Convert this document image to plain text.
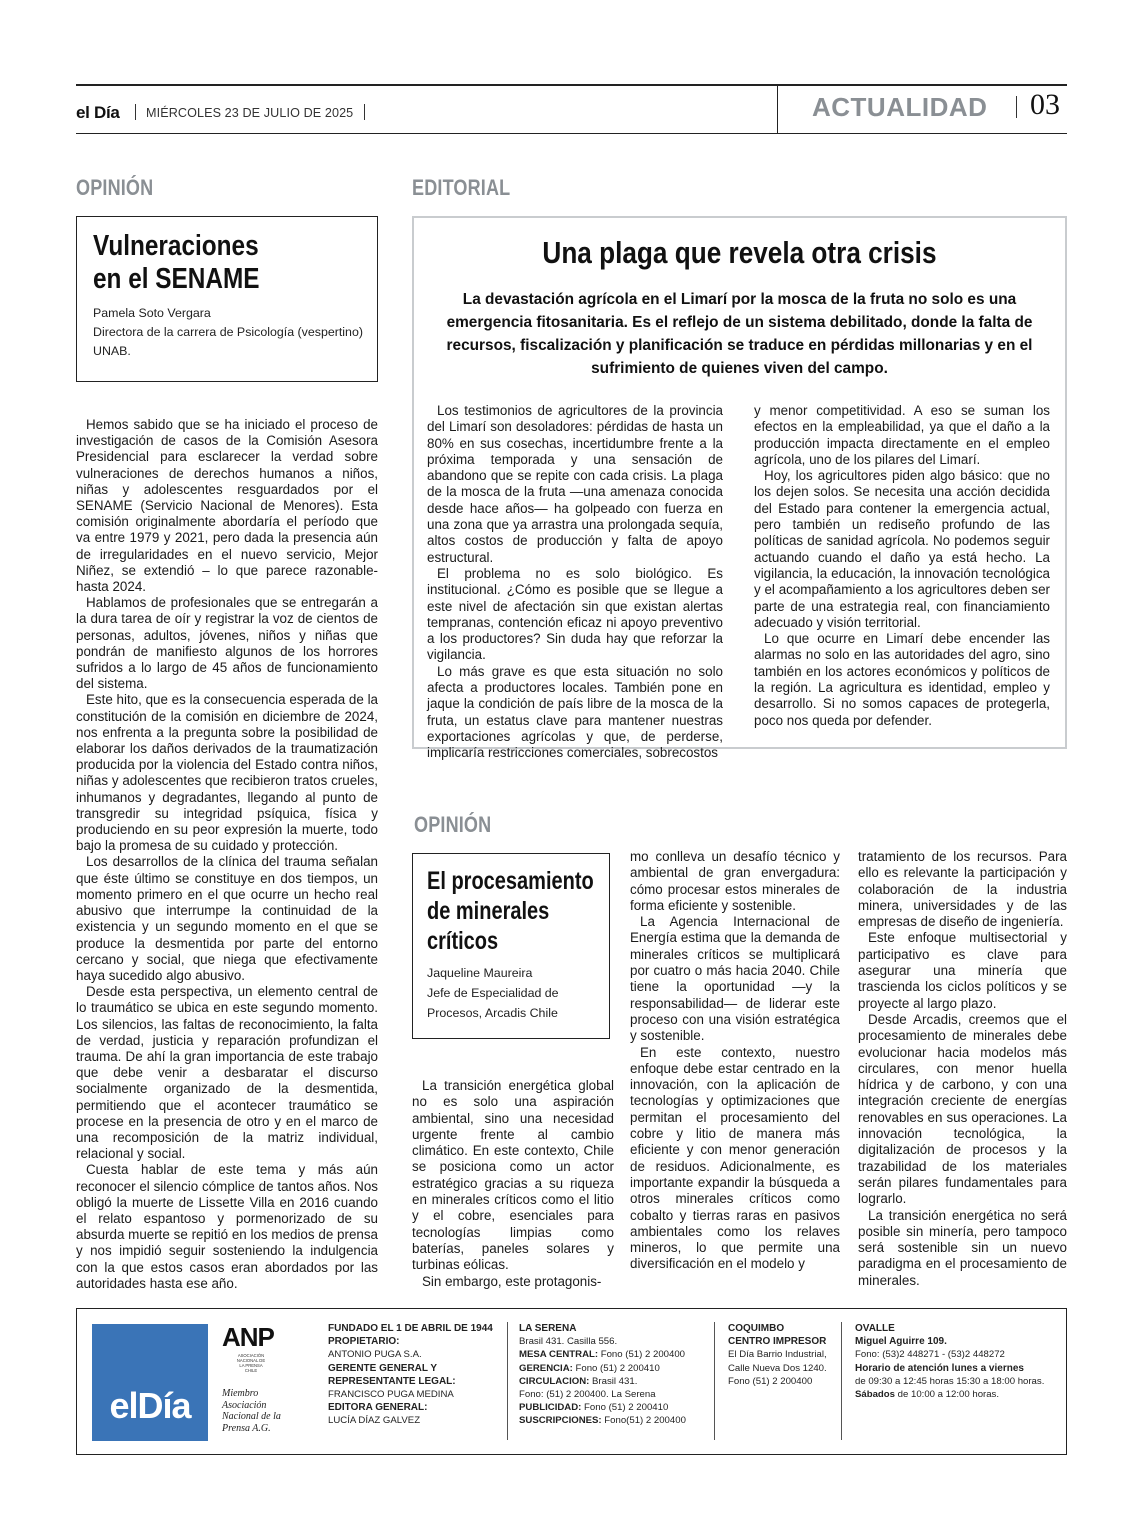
el Día MIÉRCOLES 23 DE JULIO DE 2025	ACTUALIDAD 03
OPINIÓN
Vulneraciones
en el SENAME
Pamela Soto Vergara
Directora de la carrera de Psicología (vespertino) UNAB.

Hemos sabido que se ha iniciado el proceso de investigación de casos de la Comisión Asesora Presidencial para esclarecer la verdad sobre vulneraciones de derechos humanos a niños, niñas y adolescentes resguardados por el SENAME (Servicio Nacional de Menores). Esta comisión originalmente abordaría el período que va entre 1979 y 2021, pero dada la presencia aún de irregularidades en el nuevo servicio, Mejor Niñez, se extendió – lo que parece razonable- hasta 2024.

Hablamos de profesionales que se entregarán a la dura tarea de oír y registrar la voz de cientos de personas, adultos, jóvenes, niños y niñas que pondrán de manifiesto algunos de los horrores sufridos a lo largo de 45 años de funcionamiento del sistema.

Este hito, que es la consecuencia esperada de la constitución de la comisión en diciembre de 2024, nos enfrenta a la pregunta sobre la posibilidad de elaborar los daños derivados de la traumatización producida por la violencia del Estado contra niños, niñas y adolescentes que recibieron tratos crueles, inhumanos y degradantes, llegando al punto de transgredir su integridad psíquica, física y produciendo en su peor expresión la muerte, todo bajo la promesa de su cuidado y protección.

Los desarrollos de la clínica del trauma señalan que éste último se constituye en dos tiempos, un momento primero en el que ocurre un hecho real abusivo que interrumpe la continuidad de la existencia y un segundo momento en el que se produce la desmentida por parte del entorno cercano y social, que niega que efectivamente haya sucedido algo abusivo.

Desde esta perspectiva, un elemento central de lo traumático se ubica en este segundo momento. Los silencios, las faltas de reconocimiento, la falta de verdad, justicia y reparación profundizan el trauma. De ahí la gran importancia de este trabajo que debe venir a desbaratar el discurso socialmente organizado de la desmentida, permitiendo que el acontecer traumático se procese en la presencia de otro y en el marco de una recomposición de la matriz individual, relacional y social.

Cuesta hablar de este tema y más aún reconocer el silencio cómplice de tantos años. Nos obligó la muerte de Lissette Villa en 2016 cuando el relato espantoso y pormenorizado de su absurda muerte se repitió en los medios de prensa y nos impidió seguir sosteniendo la indulgencia con la que estos casos eran abordados por las autoridades hasta ese año.

EDITORIAL
Una plaga que revela otra crisis
La devastación agrícola en el Limarí por la mosca de la fruta no solo es una emergencia fitosanitaria. Es el reflejo de un sistema debilitado, donde la falta de recursos, fiscalización y planificación se traduce en pérdidas millonarias y en el sufrimiento de quienes viven del campo.

Los testimonios de agricultores de la provincia del Limarí son desoladores: pérdidas de hasta un 80% en sus cosechas, incertidumbre frente a la próxima temporada y una sensación de abandono que se repite con cada crisis. La plaga de la mosca de la fruta —una amenaza conocida desde hace años— ha golpeado con fuerza en una zona que ya arrastra una prolongada sequía, altos costos de producción y falta de apoyo estructural.

El problema no es solo biológico. Es institucional. ¿Cómo es posible que se llegue a este nivel de afectación sin que existan alertas tempranas, contención eficaz ni apoyo preventivo a los productores? Sin duda hay que reforzar la vigilancia.

Lo más grave es que esta situación no solo afecta a productores locales. También pone en jaque la condición de país libre de la mosca de la fruta, un estatus clave para mantener nuestras exportaciones agrícolas y que, de perderse, implicaría restricciones comerciales, sobrecostos

y menor competitividad. A eso se suman los efectos en la empleabilidad, ya que el daño a la producción impacta directamente en el empleo agrícola, uno de los pilares del Limarí.

Hoy, los agricultores piden algo básico: que no los dejen solos. Se necesita una acción decidida del Estado para contener la emergencia actual, pero también un rediseño profundo de las políticas de sanidad agrícola. No podemos seguir actuando cuando el daño ya está hecho. La vigilancia, la educación, la innovación tecnológica y el acompañamiento a los agricultores deben ser parte de una estrategia real, con financiamiento adecuado y visión territorial.

Lo que ocurre en Limarí debe encender las alarmas no solo en las autoridades del agro, sino también en los actores económicos y políticos de la región. La agricultura es identidad, empleo y desarrollo. Si no somos capaces de protegerla, poco nos queda por defender.

OPINIÓN
El procesamiento
de minerales
críticos
Jaqueline Maureira
Jefe de Especialidad de
Procesos, Arcadis Chile

La transición energética global no es solo una aspiración ambiental, sino una necesidad urgente frente al cambio climático. En este contexto, Chile se posiciona como un actor estratégico gracias a su riqueza en minerales críticos como el litio y el cobre, esenciales para tecnologías limpias como baterías, paneles solares y turbinas eólicas.

Sin embargo, este protagonis-

mo conlleva un desafío técnico y ambiental de gran envergadura: cómo procesar estos minerales de forma eficiente y sostenible.

La Agencia Internacional de Energía estima que la demanda de minerales críticos se multiplicará por cuatro o más hacia 2040. Chile tiene la oportunidad —y la responsabilidad— de liderar este proceso con una visión estratégica y sostenible.

En este contexto, nuestro enfoque debe estar centrado en la innovación, con la aplicación de tecnologías y optimizaciones que permitan el procesamiento del cobre y litio de manera más eficiente y con menor generación de residuos. Adicionalmente, es importante expandir la búsqueda a otros minerales críticos como cobalto y tierras raras en pasivos ambientales como los relaves mineros, lo que permite una diversificación en el modelo y

tratamiento de los recursos. Para ello es relevante la participación y colaboración de la industria minera, universidades y de las empresas de diseño de ingeniería.

Este enfoque multisectorial y participativo es clave para asegurar una minería que trascienda los ciclos políticos y se proyecte al largo plazo.

Desde Arcadis, creemos que el procesamiento de minerales debe evolucionar hacia modelos más circulares, con menor huella hídrica y de carbono, y con una integración creciente de energías renovables en sus operaciones. La innovación tecnológica, la digitalización de procesos y la trazabilidad de los materiales serán pilares fundamentales para lograrlo.

La transición energética no será posible sin minería, pero tampoco será sostenible sin un nuevo paradigma en el procesamiento de minerales.

elDía
ANP
ASOCIACIÓN NACIONAL DE LA PRENSA CHILE
Miembro Asociación Nacional de la Prensa A.G.
FUNDADO EL 1 DE ABRIL DE 1944
PROPIETARIO:
ANTONIO PUGA S.A.
GERENTE GENERAL Y
REPRESENTANTE LEGAL:
FRANCISCO PUGA MEDINA
EDITORA GENERAL:
LUCÍA DÍAZ GALVEZ
LA SERENA
Brasil 431. Casilla 556.
MESA CENTRAL: Fono (51) 2 200400
GERENCIA: Fono (51) 2 200410
CIRCULACION: Brasil 431.
Fono: (51) 2 200400. La Serena
PUBLICIDAD: Fono (51) 2 200410
SUSCRIPCIONES: Fono(51) 2 200400
COQUIMBO
CENTRO IMPRESOR
El Día Barrio Industrial,
Calle Nueva Dos 1240.
Fono (51) 2 200400
OVALLE
Miguel Aguirre 109.
Fono: (53)2 448271 - (53)2 448272
Horario de atención lunes a viernes
de 09:30 a 12:45 horas 15:30 a 18:00 horas.
Sábados de 10:00 a 12:00 horas.
